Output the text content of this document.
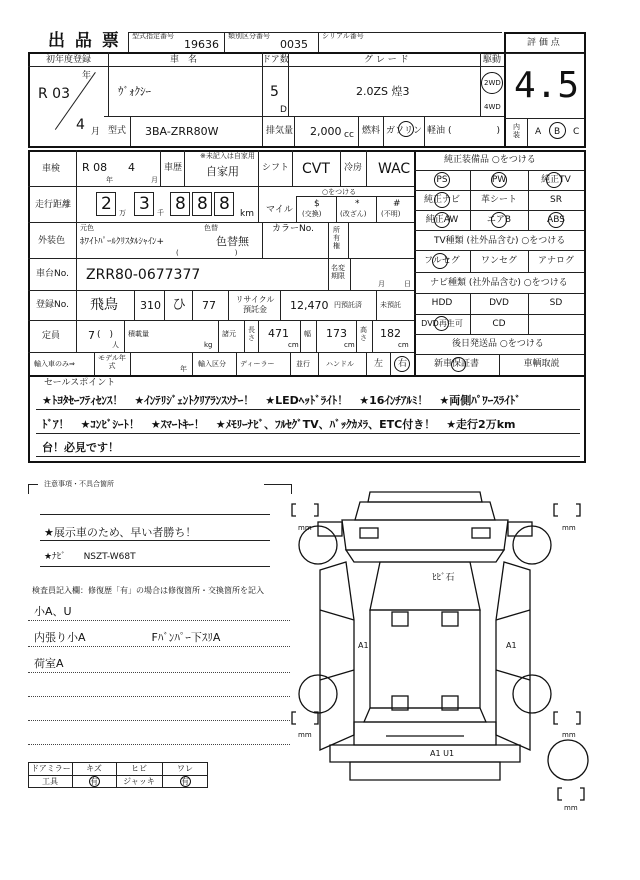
出 品 票 型式指定番号
19636
類別区分番号
0035
シリアル番号
評 価 点
4.5
内装	A B C
初年度登録	車　名	ドア数	グ レ ー ド	駆動
R 03
年
4 月
ｳﾞｫｸｼｰ	5
D
2.0ZS 煌3
2WD
4WD
型式 3BA-ZRR80W	排気量 2,000 cc 燃料 ガソリン 軽油 (　　　　　)
車検 R 08
年
4
月
車歴
※未記入は自家用
自家用	シフト CVT 冷房 WAC
走行距離 2 万 3 千 8 8 8 km マイル
○をつける
$
(交換)
*
(改ざん)
#
(不明)
外装色
元色
ﾎﾜｲﾄﾊﾟｰﾙｸﾘｽﾀﾙｼｬｲﾝ+
色替
色替無
(　　　　　　　　)
カラーNo.	所有権
車台No. ZRR80-0677377	名変期限
月	日
登録No. 飛鳥 310 ひ 77	リサイクル預託金	12,470 円預託済	未預託
定員	7 (　)
人
積載量
kg
諸元 長さ 471
cm
幅 173
cm
高さ 182
cm
輸入車のみ⇒
モデル年式	年
輸入区分 ディーラー	並行 ハンドル 左 右
純正装備品 ○をつける
TV種類 (社外品含む) ○をつける
ナビ種類 (社外品含む) ○をつける
後日発送品 ○をつける
PS	PW	純正TV
純正ナビ	革シート	SR
純正AW	エアB	ABS
フルセグ	ワンセグ	アナログ
HDD	DVD	SD
DVD再生可	CD
新車保証書	車輌取説
セールスポイント
★ﾄﾖﾀｾｰﾌﾃｨｾﾝｽ！　★ｲﾝﾃﾘｼﾞｪﾝﾄｸﾘｱﾗﾝｽｿﾅｰ！　★LEDﾍｯﾄﾞﾗｲﾄ！　★16ｲﾝﾁｱﾙﾐ！　★両側ﾊﾟﾜｰｽﾗｲﾄﾞ
ﾄﾞｱ！　★ｺﾝﾋﾞｼｰﾄ！　★ｽﾏｰﾄｷｰ！　★ﾒﾓﾘｰﾅﾋﾞ、ﾌﾙｾｸﾞTV、ﾊﾞｯｸｶﾒﾗ、ETC付き！　★走行2万km
台！必見です！
注意事項・不具合箇所
★展示車のため、早い者勝ち！
★ﾅﾋﾞ　　NSZT-W68T
検査員記入欄：修復歴「有」の場合は修復箇所・交換箇所を記入
小A、U
内張り小A　　　　　　Fﾊﾞﾝﾊﾟｰ下ｽﾘA
荷室A
ドアミラー	キズ	ヒビ	ワレ
工具	有	ジャッキ	有
ﾋﾋﾞ石
A1	A1
A1 U1
mm	mm
mm	mm
mm
